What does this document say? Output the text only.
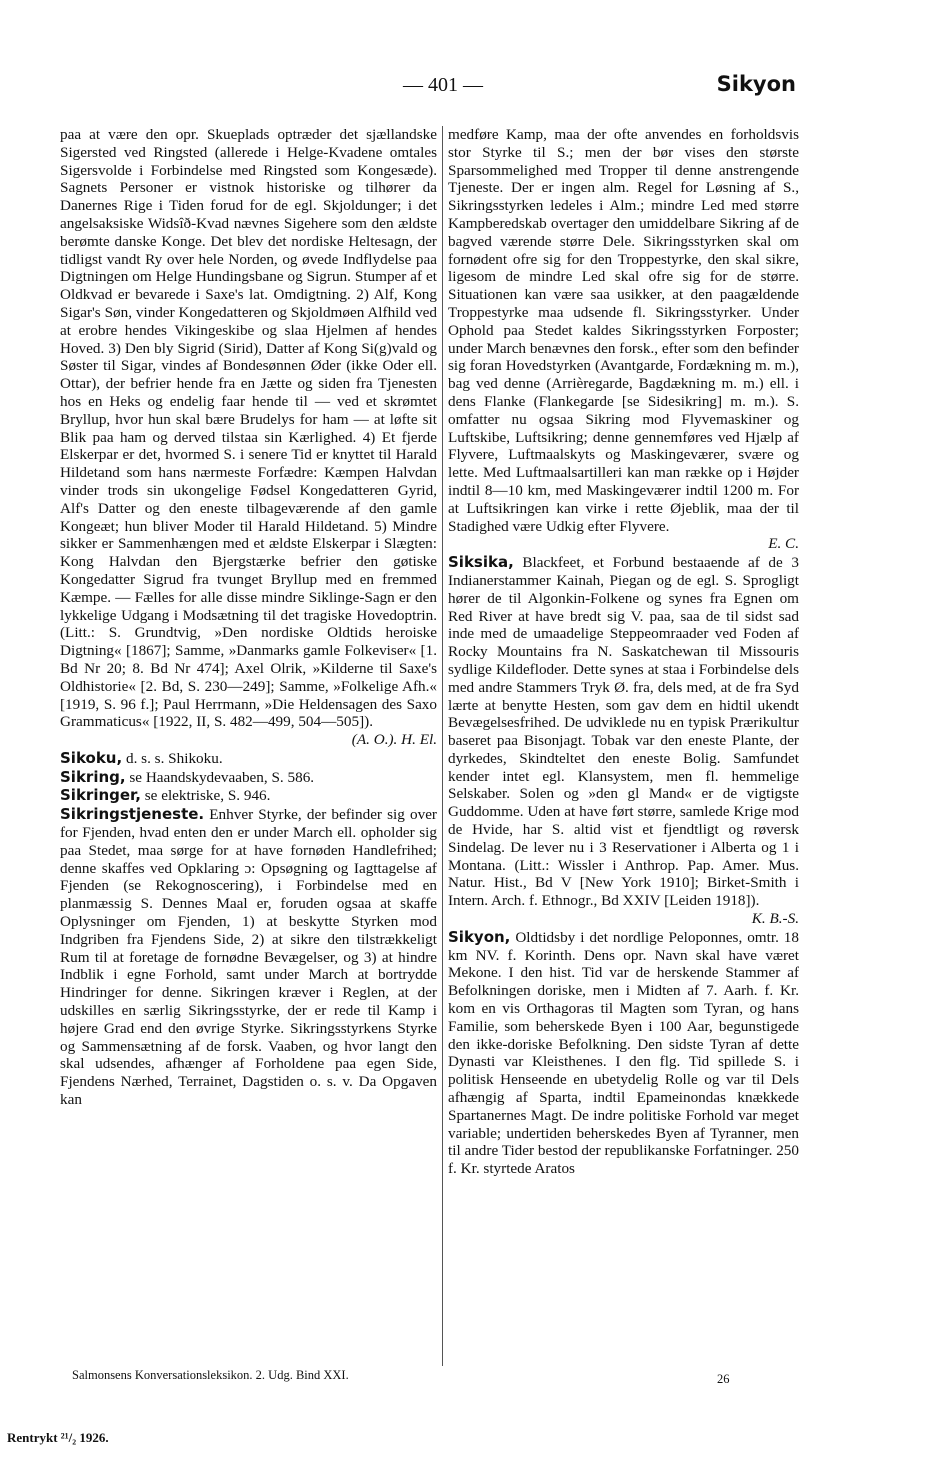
— 401 —	Sikyon

paa at være den opr. Skueplads optræder det sjællandske Sigersted ved Ringsted (allerede i Helge-Kvadene omtales Sigersvolde i Forbindelse med Ringsted som Kongesæde). Sagnets Personer er vistnok historiske og tilhører da Danernes Rige i Tiden forud for de egl. Skjoldunger; i det angelsaksiske Widsîð-Kvad nævnes Sigehere som den ældste berømte danske Konge. Det blev det nordiske Heltesagn, der tidligst vandt Ry over hele Norden, og øvede Indflydelse paa Digtningen om Helge Hundingsbane og Sigrun. Stumper af et Oldkvad er bevarede i Saxe's lat. Omdigtning. 2) Alf, Kong Sigar's Søn, vinder Kongedatteren og Skjoldmøen Alfhild ved at erobre hendes Vikingeskibe og slaa Hjelmen af hendes Hoved. 3) Den bly Sigrid (Sirid), Datter af Kong Si(g)vald og Søster til Sigar, vindes af Bondesønnen Øder (ikke Oder ell. Ottar), der befrier hende fra en Jætte og siden fra Tjenesten hos en Heks og endelig faar hende til — ved et skrømtet Bryllup, hvor hun skal bære Brudelys for ham — at løfte sit Blik paa ham og derved tilstaa sin Kærlighed. 4) Et fjerde Elskerpar er det, hvormed S. i senere Tid er knyttet til Harald Hildetand som hans nærmeste Forfædre: Kæmpen Halvdan vinder trods sin ukongelige Fødsel Kongedatteren Gyrid, Alf's Datter og den eneste tilbageværende af den gamle Kongeæt; hun bliver Moder til Harald Hildetand. 5) Mindre sikker er Sammenhængen med et ældste Elskerpar i Slægten: Kong Halvdan den Bjergstærke befrier den gøtiske Kongedatter Sigrud fra tvunget Bryllup med en fremmed Kæmpe. — Fælles for alle disse mindre Siklinge-Sagn er den lykkelige Udgang i Modsætning til det tragiske Hovedoptrin. (Litt.: S. Grundtvig, »Den nordiske Oldtids heroiske Digtning« [1867]; Samme, »Danmarks gamle Folkeviser« [1. Bd Nr 20; 8. Bd Nr 474]; Axel Olrik, »Kilderne til Saxe's Oldhistorie« [2. Bd, S. 230—249]; Samme, »Folkelige Afh.« [1919, S. 96 f.]; Paul Herrmann, »Die Heldensagen des Saxo Grammaticus« [1922, II, S. 482—499, 504—505]).

(A. O.). H. El.

Sikoku, d. s. s. Shikoku.

Sikring, se Haandskydevaaben, S. 586.

Sikringer, se elektriske, S. 946.

Sikringstjeneste. Enhver Styrke, der befinder sig over for Fjenden, hvad enten den er under March ell. opholder sig paa Stedet, maa sørge for at have fornøden Handlefrihed; denne skaffes ved Opklaring ɔ: Opsøgning og Iagttagelse af Fjenden (se Rekognoscering), i Forbindelse med en planmæssig S. Dennes Maal er, foruden ogsaa at skaffe Oplysninger om Fjenden, 1) at beskytte Styrken mod Indgriben fra Fjendens Side, 2) at sikre den tilstrækkeligt Rum til at foretage de fornødne Bevægelser, og 3) at hindre Indblik i egne Forhold, samt under March at bortrydde Hindringer for denne. Sikringen kræver i Reglen, at der udskilles en særlig Sikringsstyrke, der er rede til Kamp i højere Grad end den øvrige Styrke. Sikringsstyrkens Styrke og Sammensætning af de forsk. Vaaben, og hvor langt den skal udsendes, afhænger af Forholdene paa egen Side, Fjendens Nærhed, Terrainet, Dagstiden o. s. v. Da Opgaven kan

medføre Kamp, maa der ofte anvendes en forholdsvis stor Styrke til S.; men der bør vises den største Sparsommelighed med Tropper til denne anstrengende Tjeneste. Der er ingen alm. Regel for Løsning af S., Sikringsstyrken ledeles i Alm.; mindre Led med større Kampberedskab overtager den umiddelbare Sikring af de bagved værende større Dele. Sikringsstyrken skal om fornødent ofre sig for den Troppestyrke, den skal sikre, ligesom de mindre Led skal ofre sig for de større. Situationen kan være saa usikker, at den paagældende Troppestyrke maa udsende fl. Sikringsstyrker. Under Ophold paa Stedet kaldes Sikringsstyrken Forposter; under March benævnes den forsk., efter som den befinder sig foran Hovedstyrken (Avantgarde, Fordækning m. m.), bag ved denne (Arrièregarde, Bagdækning m. m.) ell. i dens Flanke (Flankegarde [se Sidesikring] m. m.). S. omfatter nu ogsaa Sikring mod Flyvemaskiner og Luftskibe, Luftsikring; denne gennemføres ved Hjælp af Flyvere, Luftmaalskyts og Maskingeværer, svære og lette. Med Luftmaalsartilleri kan man række op i Højder indtil 8—10 km, med Maskingeværer indtil 1200 m. For at Luftsikringen kan virke i rette Øjeblik, maa der til Stadighed være Udkig efter Flyvere.

E. C.

Siksika, Blackfeet, et Forbund bestaaende af de 3 Indianerstammer Kainah, Piegan og de egl. S. Sprogligt hører de til Algonkin-Folkene og synes fra Egnen om Red River at have bredt sig V. paa, saa de til sidst sad inde med de umaadelige Steppeomraader ved Foden af Rocky Mountains fra N. Saskatchewan til Missouris sydlige Kildefloder. Dette synes at staa i Forbindelse dels med andre Stammers Tryk Ø. fra, dels med, at de fra Syd lærte at benytte Hesten, som gav dem en hidtil ukendt Bevægelsesfrihed. De udviklede nu en typisk Prærikultur baseret paa Bisonjagt. Tobak var den eneste Plante, der dyrkedes, Skindteltet den eneste Bolig. Samfundet kender intet egl. Klansystem, men fl. hemmelige Selskaber. Solen og »den gl Mand« er de vigtigste Guddomme. Uden at have ført større, samlede Krige mod de Hvide, har S. altid vist et fjendtligt og røversk Sindelag. De lever nu i 3 Reservationer i Alberta og 1 i Montana. (Litt.: Wissler i Anthrop. Pap. Amer. Mus. Natur. Hist., Bd V [New York 1910]; Birket-Smith i Intern. Arch. f. Ethnogr., Bd XXIV [Leiden 1918]).

K. B.-S.

Sikyon, Oldtidsby i det nordlige Peloponnes, omtr. 18 km NV. f. Korinth. Dens opr. Navn skal have været Mekone. I den hist. Tid var de herskende Stammer af Befolkningen doriske, men i Midten af 7. Aarh. f. Kr. kom en vis Orthagoras til Magten som Tyran, og hans Familie, som beherskede Byen i 100 Aar, begunstigede den ikke-doriske Befolkning. Den sidste Tyran af dette Dynasti var Kleisthenes. I den flg. Tid spillede S. i politisk Henseende en ubetydelig Rolle og var til Dels afhængig af Sparta, indtil Epameinondas knækkede Spartanernes Magt. De indre politiske Forhold var meget variable; undertiden beherskedes Byen af Tyranner, men til andre Tider bestod der republikanske Forfatninger. 250 f. Kr. styrtede Aratos

Salmonsens Konversationsleksikon. 2. Udg. Bind XXI.	26
Rentrykt ²¹/₂ 1926.
